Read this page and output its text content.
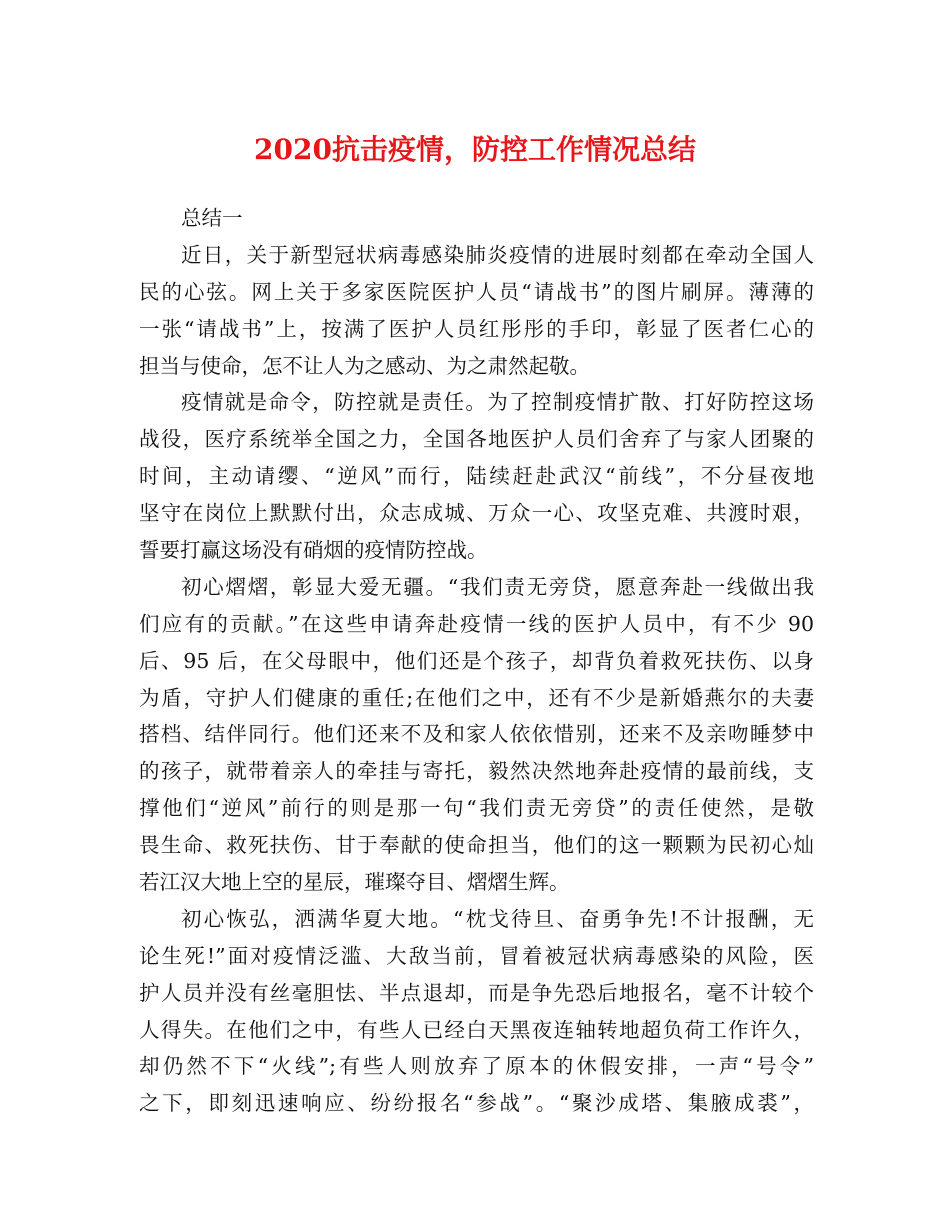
2020抗击疫情，防控工作情况总结
总结一
近日，关于新型冠状病毒感染肺炎疫情的进展时刻都在牵动全国人
民的心弦。网上关于多家医院医护人员“请战书”的图片刷屏。薄薄的
一张“请战书”上，按满了医护人员红彤彤的手印，彰显了医者仁心的
担当与使命，怎不让人为之感动、为之肃然起敬。
疫情就是命令，防控就是责任。为了控制疫情扩散、打好防控这场
战役，医疗系统举全国之力，全国各地医护人员们舍弃了与家人团聚的
时间，主动请缨、“逆风”而行，陆续赶赴武汉“前线”，不分昼夜地
坚守在岗位上默默付出，众志成城、万众一心、攻坚克难、共渡时艰，
誓要打赢这场没有硝烟的疫情防控战。
初心熠熠，彰显大爱无疆。“我们责无旁贷，愿意奔赴一线做出我
们应有的贡献。”在这些申请奔赴疫情一线的医护人员中，有不少 90
后、95 后，在父母眼中，他们还是个孩子，却背负着救死扶伤、以身
为盾，守护人们健康的重任;在他们之中，还有不少是新婚燕尔的夫妻
搭档、结伴同行。他们还来不及和家人依依惜别，还来不及亲吻睡梦中
的孩子，就带着亲人的牵挂与寄托，毅然决然地奔赴疫情的最前线，支
撑他们“逆风”前行的则是那一句“我们责无旁贷”的责任使然，是敬
畏生命、救死扶伤、甘于奉献的使命担当，他们的这一颗颗为民初心灿
若江汉大地上空的星辰，璀璨夺目、熠熠生辉。
初心恢弘，洒满华夏大地。“枕戈待旦、奋勇争先!不计报酬，无
论生死!”面对疫情泛滥、大敌当前，冒着被冠状病毒感染的风险，医
护人员并没有丝毫胆怯、半点退却，而是争先恐后地报名，毫不计较个
人得失。在他们之中，有些人已经白天黑夜连轴转地超负荷工作许久，
却仍然不下“火线”;有些人则放弃了原本的休假安排，一声“号令”
之下，即刻迅速响应、纷纷报名“参战”。“聚沙成塔、集腋成裘”，
